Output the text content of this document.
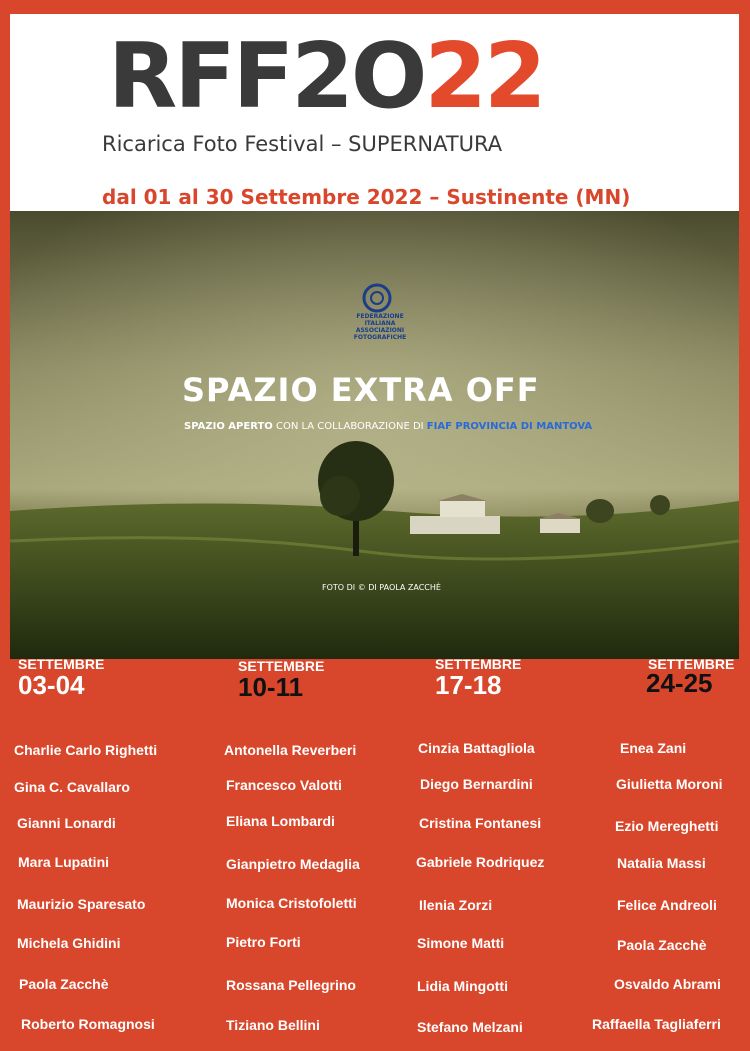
RFF2O22
Ricarica Foto Festival – SUPERNATURA
dal 01 al 30 Settembre 2022 – Sustinente (MN)
FEDERAZIONE
ITALIANA
ASSOCIAZIONI
FOTOGRAFICHE
SPAZIO EXTRA OFF
SPAZIO APERTO CON LA COLLABORAZIONE DI FIAF PROVINCIA DI MANTOVA
FOTO DI © DI PAOLA ZACCHÈ
SETTEMBRE
03-04
SETTEMBRE
10-11
SETTEMBRE
17-18
SETTEMBRE
24-25
Charlie Carlo Righetti
Gina C. Cavallaro
Gianni Lonardi
Mara Lupatini
Maurizio Sparesato
Michela Ghidini
Paola Zacchè
Roberto Romagnosi
Antonella Reverberi
Francesco Valotti
Eliana Lombardi
Gianpietro Medaglia
Monica Cristofoletti
Pietro Forti
Rossana Pellegrino
Tiziano Bellini
Cinzia Battagliola
Diego Bernardini
Cristina Fontanesi
Gabriele Rodriquez
Ilenia Zorzi
Simone Matti
Lidia Mingotti
Stefano Melzani
Enea Zani
Giulietta Moroni
Ezio Mereghetti
Natalia Massi
Felice Andreoli
Paola Zacchè
Osvaldo Abrami
Raffaella Tagliaferri
